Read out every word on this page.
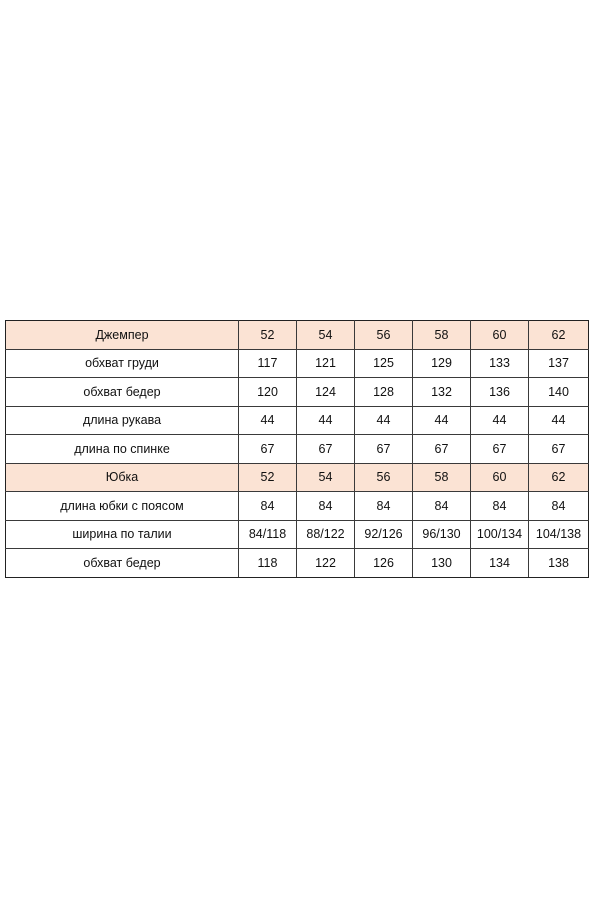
Джемпер	52	54	56	58	60	62
обхват груди	117	121	125	129	133	137
обхват бедер	120	124	128	132	136	140
длина рукава	44	44	44	44	44	44
длина по спинке	67	67	67	67	67	67
Юбка	52	54	56	58	60	62
длина юбки с поясом	84	84	84	84	84	84
ширина по талии	84/118	88/122	92/126	96/130	100/134	104/138
обхват бедер	118	122	126	130	134	138
